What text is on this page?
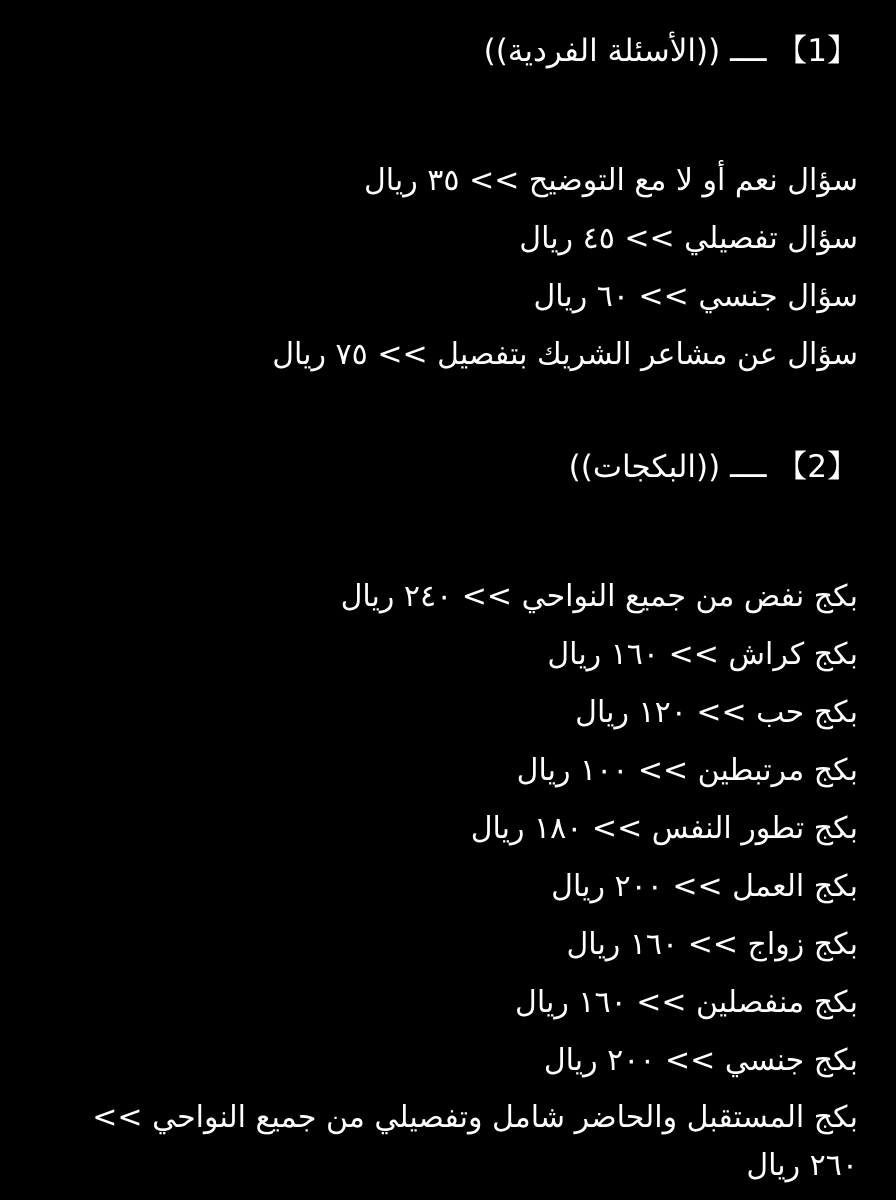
【1】 ــــ ((الأسئلة الفردية))
سؤال نعم أو لا مع التوضيح >> ٣٥ ريال
سؤال تفصيلي >> ٤٥ ريال
سؤال جنسي >> ٦٠ ريال
سؤال عن مشاعر الشريك بتفصيل >> ٧٥ ريال
【2】 ــــ ((البكجات))
بكج نفض من جميع النواحي >> ٢٤٠ ريال
بكج كراش >> ١٦٠ ريال
بكج حب >> ١٢٠ ريال
بكج مرتبطين >> ١٠٠ ريال
بكج تطور النفس >> ١٨٠ ريال
بكج العمل >> ٢٠٠ ريال
بكج زواج >> ١٦٠ ريال
بكج منفصلين >> ١٦٠ ريال
بكج جنسي >> ٢٠٠ ريال
بكج المستقبل والحاضر شامل وتفصيلي من جميع النواحي >> ٢٦٠ ريال
